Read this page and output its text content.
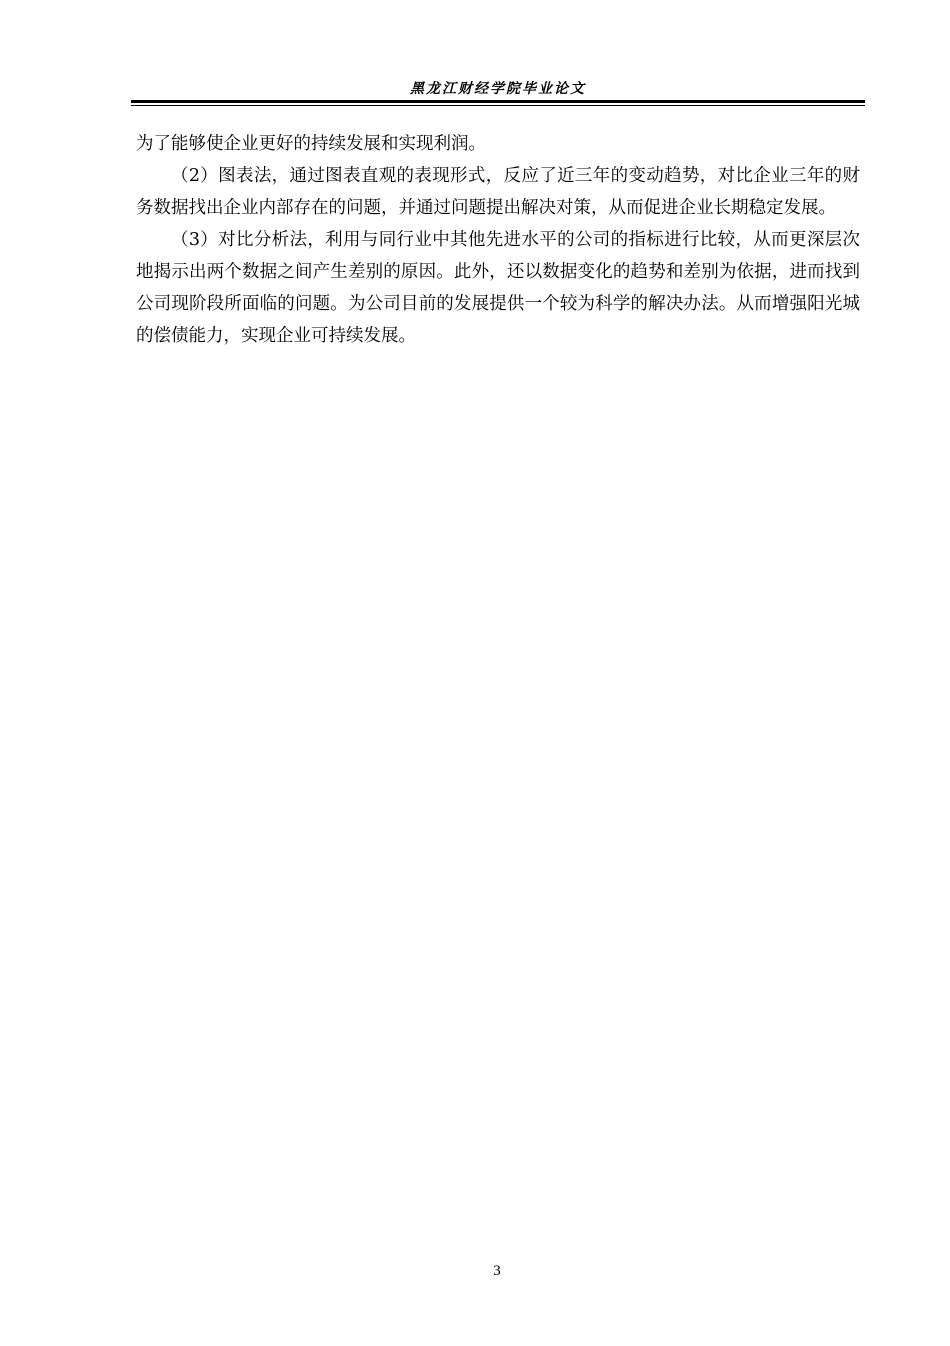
黑龙江财经学院毕业论文

为了能够使企业更好的持续发展和实现利润。

（2）图表法，通过图表直观的表现形式，反应了近三年的变动趋势，对比企业三年的财务数据找出企业内部存在的问题，并通过问题提出解决对策，从而促进企业长期稳定发展。

（3）对比分析法，利用与同行业中其他先进水平的公司的指标进行比较，从而更深层次地揭示出两个数据之间产生差别的原因。此外，还以数据变化的趋势和差别为依据，进而找到公司现阶段所面临的问题。为公司目前的发展提供一个较为科学的解决办法。从而增强阳光城的偿债能力，实现企业可持续发展。

3
